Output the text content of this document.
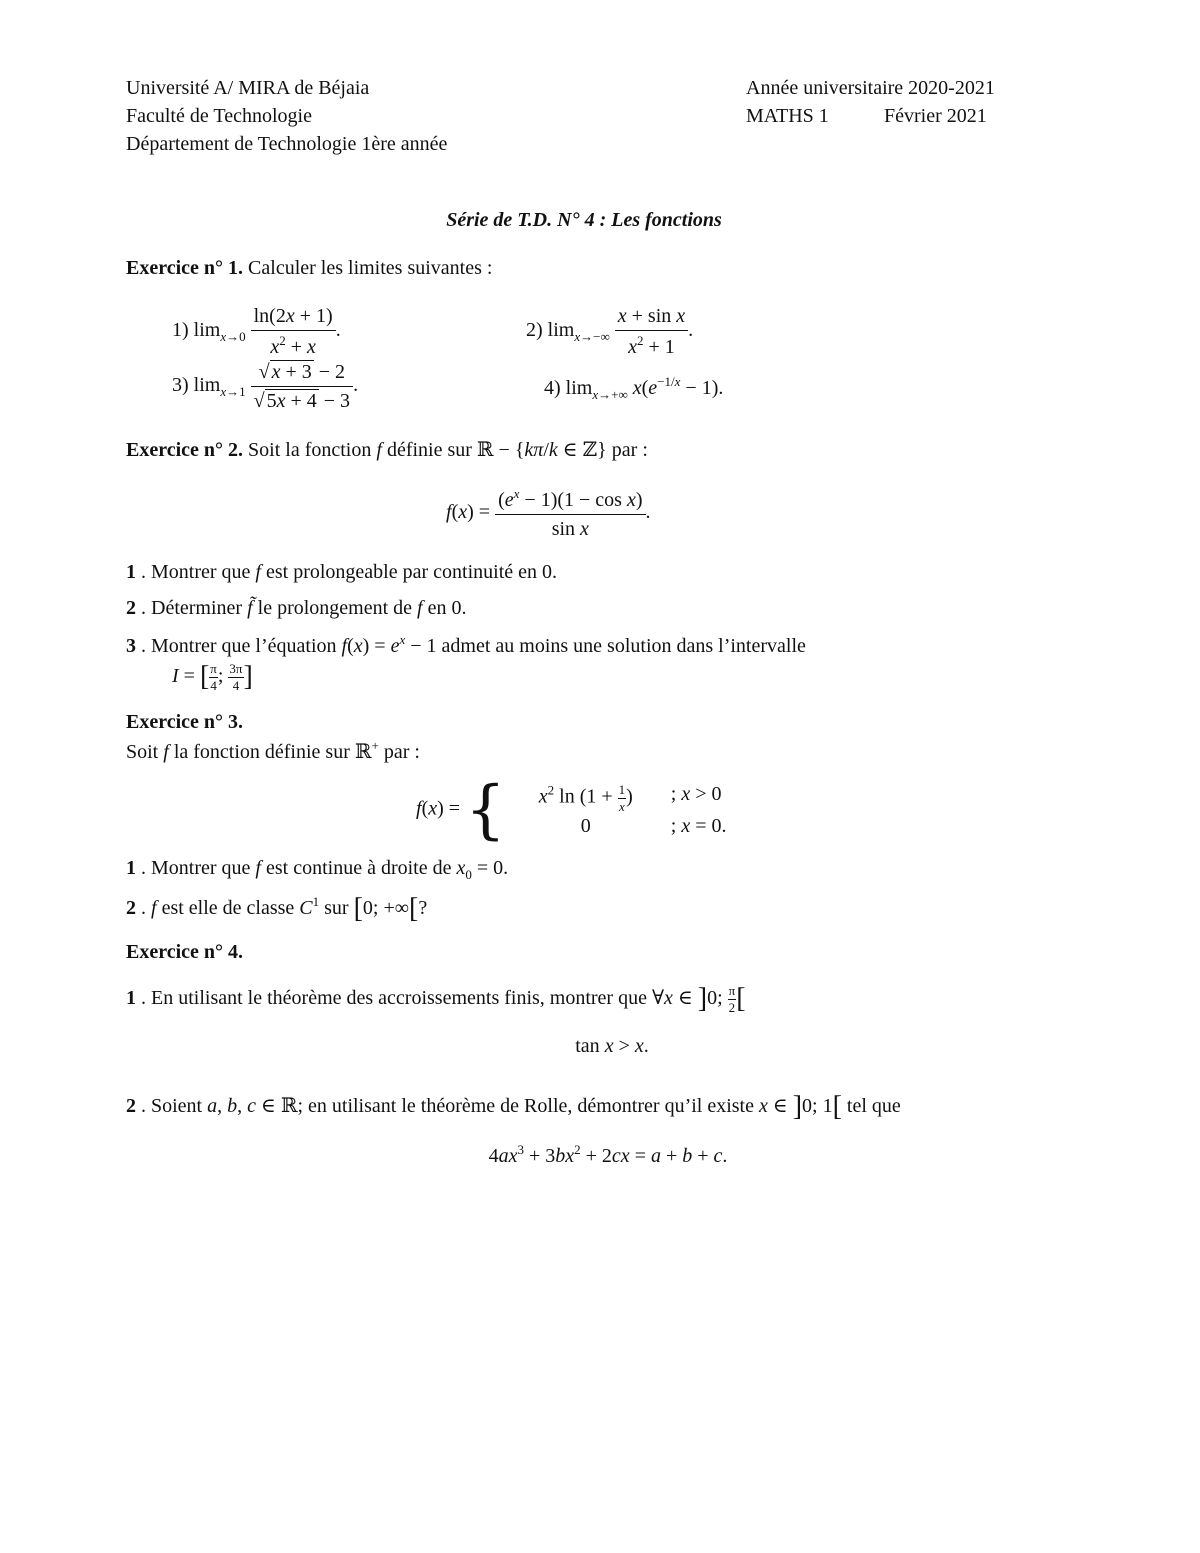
Université A/ MIRA de Béjaia
Faculté de Technologie
Département de Technologie 1ère année
Année universitaire 2020-2021
MATHS 1	Février 2021
Série de T.D. N° 4 : Les fonctions
Exercice n° 1. Calculer les limites suivantes :
1) $\lim_{x\to 0} \frac{\ln(2x + 1)}{x^2 + x}$ .	2) $\lim_{x\to-\infty} \frac{\text{x + sin x}}{x^2 + 1}$ .
3) $\lim_{x\to 1} \frac{√ x + 3 - 2}{√ 5x + 4 - 3}$ .	4) $\lim_{x\to+\infty} x(e^{-1/x} - 1)$.
Exercice n° 2. Soit la fonction f définie sur ℝ − {kπ/k ∈ ℤ} par :
$f(x) = \frac{(e^x - 1)(1 - \cos x)}{\text{sin x}}$ .
1 . Montrer que f est prolongeable par continuité en 0.
2 . Déterminer f̃ le prolongement de f en 0.
3 . Montrer que l’équation $f(x) = e^x - 1$ admet au moins une solution dans l’intervalle
I = [ $\frac{\pi}{4}$ ; $\frac{3\pi}{4}$ ]
Exercice n° 3.
Soit f la fonction définie sur ℝ+ par :
f(x) = {	$x^2$ $\ln (1 + \frac{1}{x}$ )	; x > 0
0	; x = 0.
1 . Montrer que f est continue à droite de $x_0 = 0$.
2 . f est elle de classe $C^1$ sur [0; +∞[?
Exercice n° 4.
1 . En utilisant le théorème des accroissements finis, montrer que ∀x ∈ ]0; $\frac{\pi}{2}$ [
tan x > x.
2 . Soient a, b, c ∈ ℝ; en utilisant le théorème de Rolle, démontrer qu’il existe x ∈ ]0; 1[ tel que
$4ax^3 + 3bx^2 + 2cx = a + b + c$.
